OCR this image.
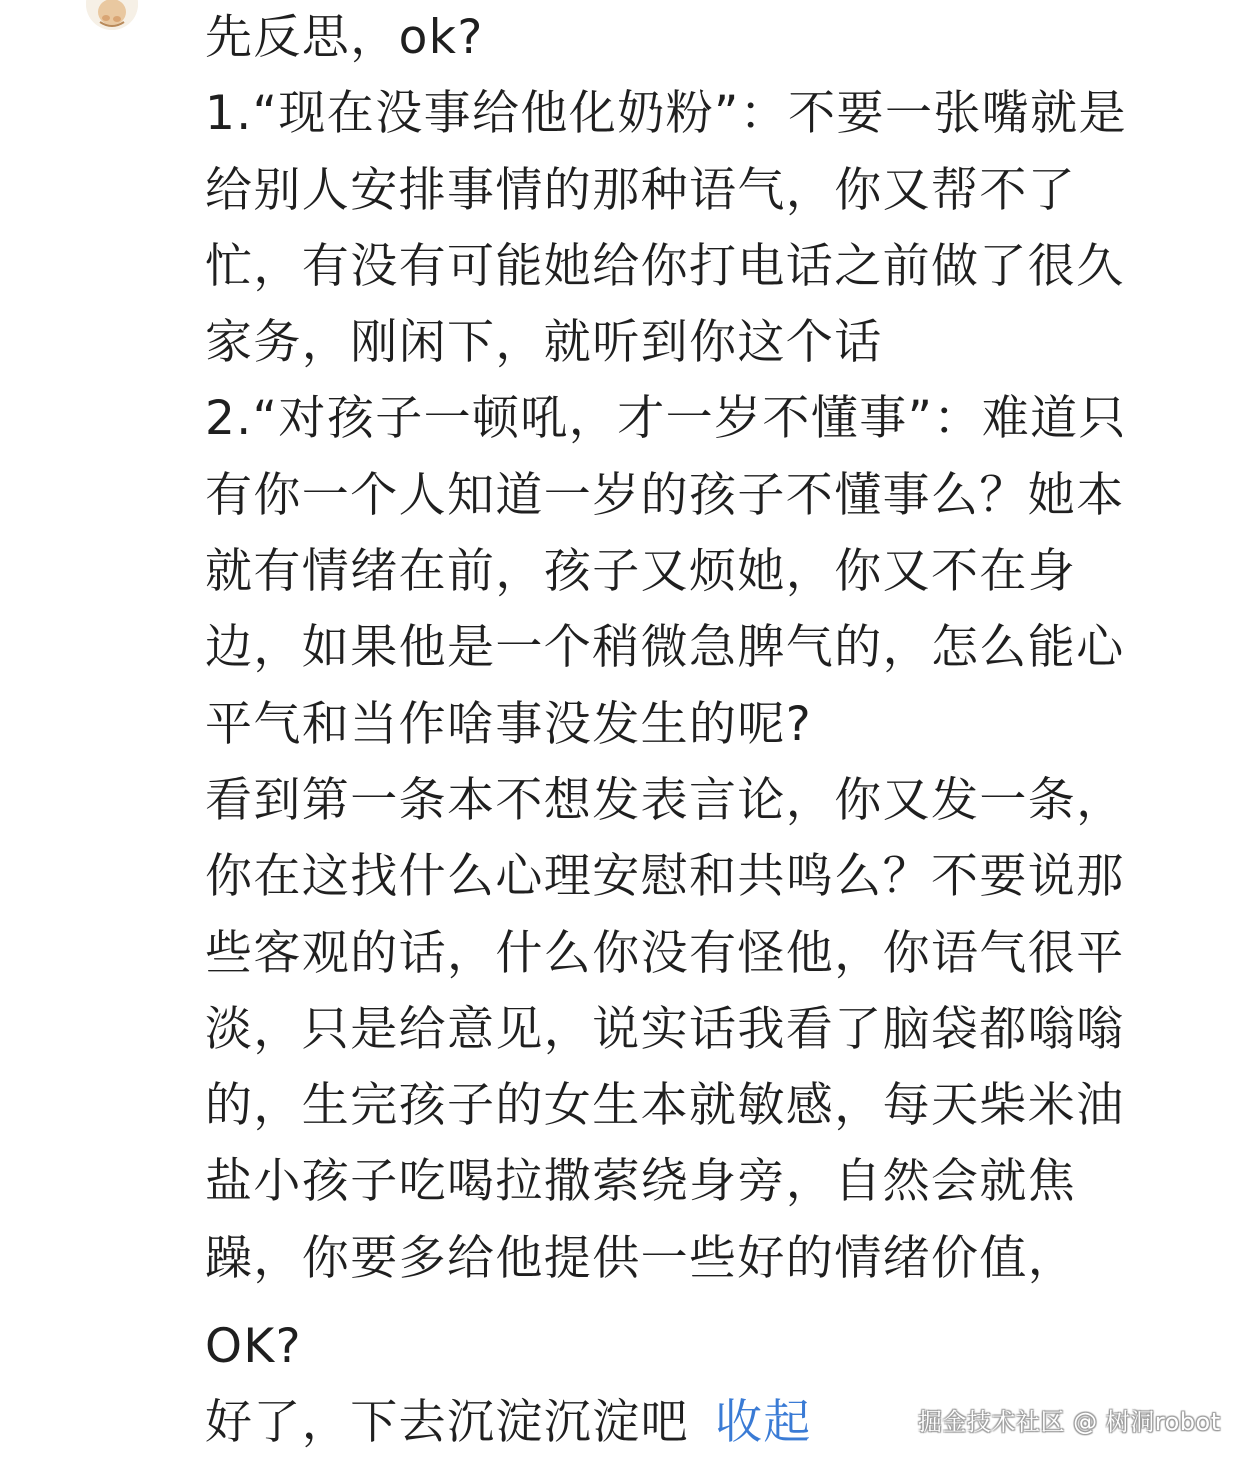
先反思，ok?
1.“现在没事给他化奶粉”：不要一张嘴就是
给别人安排事情的那种语气，你又帮不了
忙，有没有可能她给你打电话之前做了很久
家务，刚闲下，就听到你这个话
2.“对孩子一顿吼，才一岁不懂事”：难道只
有你一个人知道一岁的孩子不懂事么？她本
就有情绪在前，孩子又烦她，你又不在身
边，如果他是一个稍微急脾气的，怎么能心
平气和当作啥事没发生的呢?
看到第一条本不想发表言论，你又发一条，
你在这找什么心理安慰和共鸣么？不要说那
些客观的话，什么你没有怪他，你语气很平
淡，只是给意见，说实话我看了脑袋都嗡嗡
的，生完孩子的女生本就敏感，每天柴米油
盐小孩子吃喝拉撒萦绕身旁，自然会就焦
躁，你要多给他提供一些好的情绪价值，
OK?
好了，下去沉淀沉淀吧 收起	掘金技术社区 @ 树洞robot
